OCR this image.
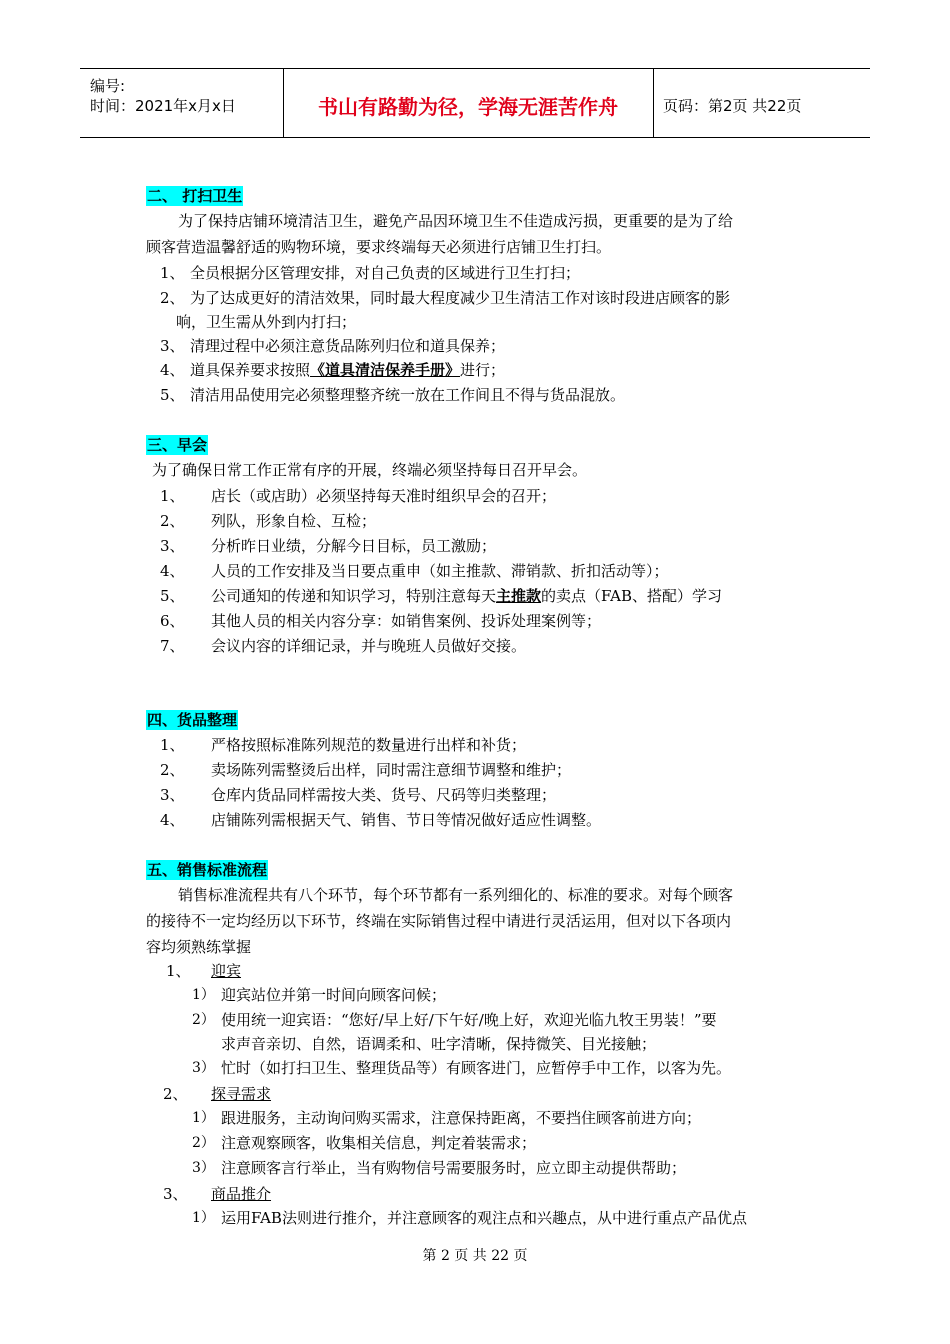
编号:
时间：2021年x月x日	书山有路勤为径，学海无涯苦作舟	页码：第2页 共22页
二、 打扫卫生
为了保持店铺环境清洁卫生，避免产品因环境卫生不佳造成污损，更重要的是为了给
顾客营造温馨舒适的购物环境，要求终端每天必须进行店铺卫生打扫。
1、 全员根据分区管理安排，对自己负责的区域进行卫生打扫；
2、 为了达成更好的清洁效果，同时最大程度减少卫生清洁工作对该时段进店顾客的影
响，卫生需从外到内打扫；
3、 清理过程中必须注意货品陈列归位和道具保养；
4、 道具保养要求按照《道具清洁保养手册》进行；
5、 清洁用品使用完必须整理整齐统一放在工作间且不得与货品混放。
三、早会
为了确保日常工作正常有序的开展，终端必须坚持每日召开早会。
1、 店长（或店助）必须坚持每天准时组织早会的召开；
2、 列队，形象自检、互检；
3、 分析昨日业绩，分解今日目标，员工激励；
4、 人员的工作安排及当日要点重申（如主推款、滞销款、折扣活动等）；
5、 公司通知的传递和知识学习，特别注意每天主推款的卖点（FAB、搭配）学习
6、 其他人员的相关内容分享：如销售案例、投诉处理案例等；
7、 会议内容的详细记录，并与晚班人员做好交接。
四、货品整理
1、 严格按照标准陈列规范的数量进行出样和补货；
2、 卖场陈列需整烫后出样，同时需注意细节调整和维护；
3、 仓库内货品同样需按大类、货号、尺码等归类整理；
4、 店铺陈列需根据天气、销售、节日等情况做好适应性调整。
五、销售标准流程
销售标准流程共有八个环节，每个环节都有一系列细化的、标准的要求。对每个顾客
的接待不一定均经历以下环节，终端在实际销售过程中请进行灵活运用，但对以下各项内
容均须熟练掌握
1、 迎宾
1） 迎宾站位并第一时间向顾客问候；
2） 使用统一迎宾语：“您好/早上好/下午好/晚上好，欢迎光临九牧王男装！”要
求声音亲切、自然，语调柔和、吐字清晰，保持微笑、目光接触；
3） 忙时（如打扫卫生、整理货品等）有顾客进门，应暂停手中工作，以客为先。
2、 探寻需求
1） 跟进服务，主动询问购买需求，注意保持距离，不要挡住顾客前进方向；
2） 注意观察顾客，收集相关信息，判定着装需求；
3） 注意顾客言行举止，当有购物信号需要服务时，应立即主动提供帮助；
3、 商品推介
1） 运用FAB法则进行推介，并注意顾客的观注点和兴趣点，从中进行重点产品优点
第 2 页 共 22 页
